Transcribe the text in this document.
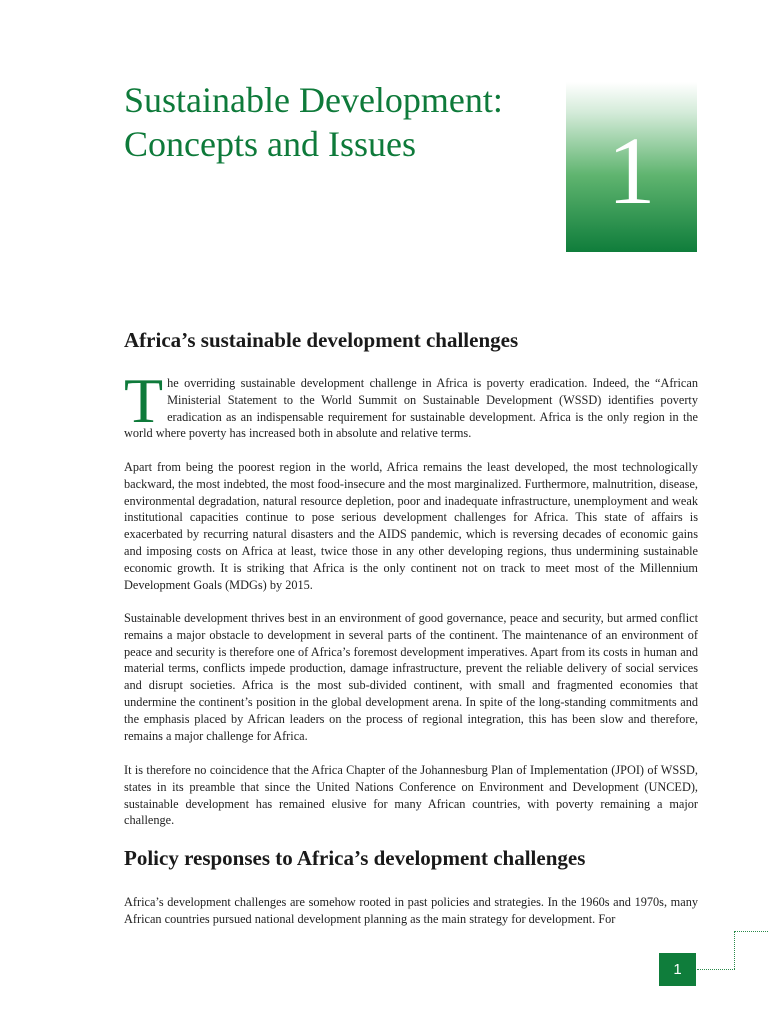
Sustainable Development:
Concepts and Issues	1
Africa’s sustainable development challenges

The overriding sustainable development challenge in Africa is poverty eradication. Indeed, the “African Ministerial Statement to the World Summit on Sustainable Development (WSSD) identifies poverty eradication as an indispensable requirement for sustainable development. Africa is the only region in the world where poverty has increased both in absolute and relative terms.

Apart from being the poorest region in the world, Africa remains the least developed, the most technologically backward, the most indebted, the most food-insecure and the most marginalized. Furthermore, malnutrition, disease, environmental degradation, natural resource depletion, poor and inadequate infrastructure, unemployment and weak institutional capacities continue to pose serious development challenges for Africa. This state of affairs is exacerbated by recurring natural disasters and the AIDS pandemic, which is reversing decades of economic gains and imposing costs on Africa at least, twice those in any other developing regions, thus undermining sustainable economic growth. It is striking that Africa is the only continent not on track to meet most of the Millennium Development Goals (MDGs) by 2015.

Sustainable development thrives best in an environment of good governance, peace and security, but armed conflict remains a major obstacle to development in several parts of the continent. The maintenance of an environment of peace and security is therefore one of Africa’s foremost development imperatives. Apart from its costs in human and material terms, conflicts impede production, damage infrastructure, prevent the reliable delivery of social services and disrupt societies. Africa is the most sub-divided continent, with small and fragmented economies that undermine the continent’s position in the global development arena. In spite of the long-standing commitments and the emphasis placed by African leaders on the process of regional integration, this has been slow and therefore, remains a major challenge for Africa.

It is therefore no coincidence that the Africa Chapter of the Johannesburg Plan of Implementation (JPOI) of WSSD, states in its preamble that since the United Nations Conference on Environment and Development (UNCED), sustainable development has remained elusive for many African countries, with poverty remaining a major challenge.

Policy responses to Africa’s development challenges

Africa’s development challenges are somehow rooted in past policies and strategies. In the 1960s and 1970s, many African countries pursued national development planning as the main strategy for development. For

1
